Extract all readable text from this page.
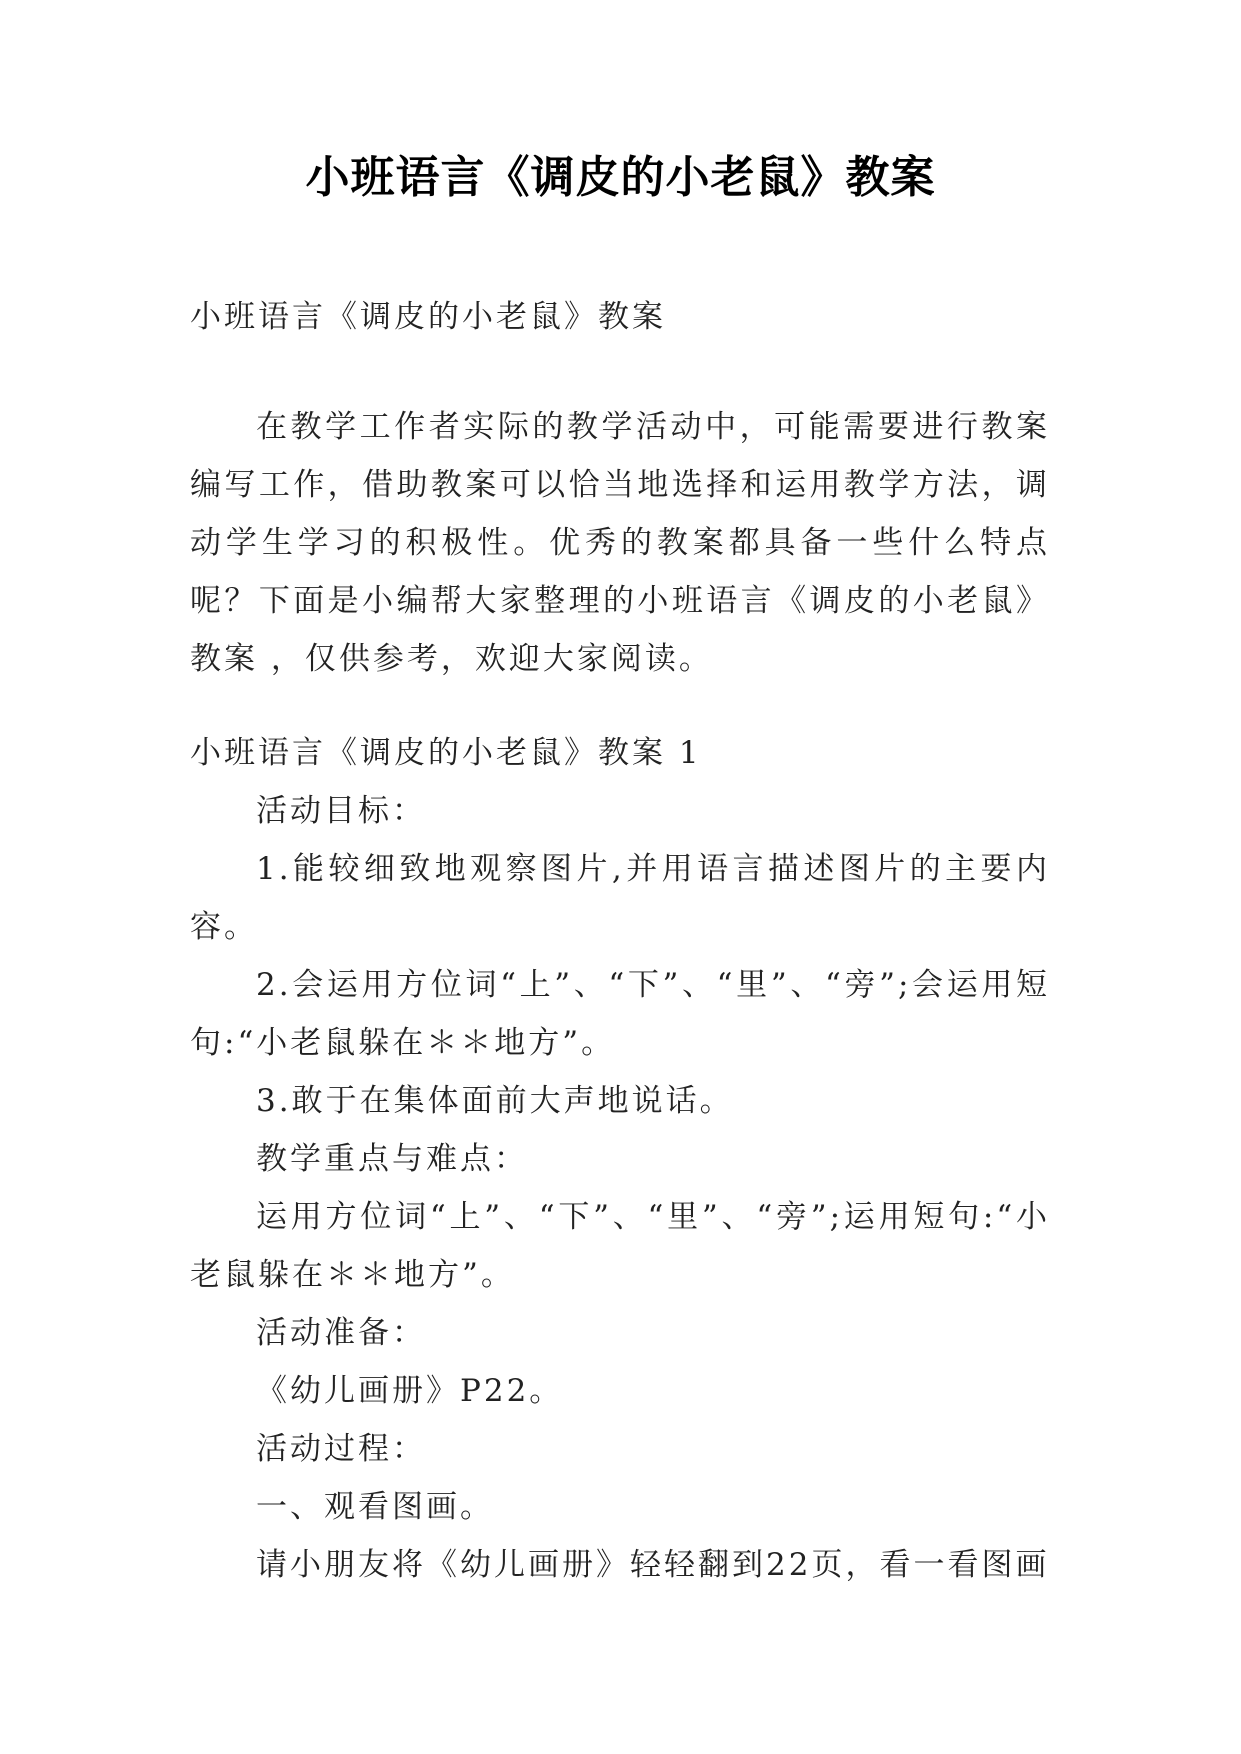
小班语言《调皮的小老鼠》教案

小班语言《调皮的小老鼠》教案

在教学工作者实际的教学活动中，可能需要进行教案编写工作，借助教案可以恰当地选择和运用教学方法，调动学生学习的积极性。优秀的教案都具备一些什么特点呢？下面是小编帮大家整理的小班语言《调皮的小老鼠》教案 ，仅供参考，欢迎大家阅读。

小班语言《调皮的小老鼠》教案 1

活动目标：

1.能较细致地观察图片,并用语言描述图片的主要内容。

2.会运用方位词“上”、“下”、“里”、“旁”;会运用短句:“小老鼠躲在＊＊地方”。

3.敢于在集体面前大声地说话。

教学重点与难点：

运用方位词“上”、“下”、“里”、“旁”;运用短句:“小老鼠躲在＊＊地方”。

活动准备：

《幼儿画册》P22。

活动过程：

一、观看图画。

请小朋友将《幼儿画册》轻轻翻到22页，看一看图画
